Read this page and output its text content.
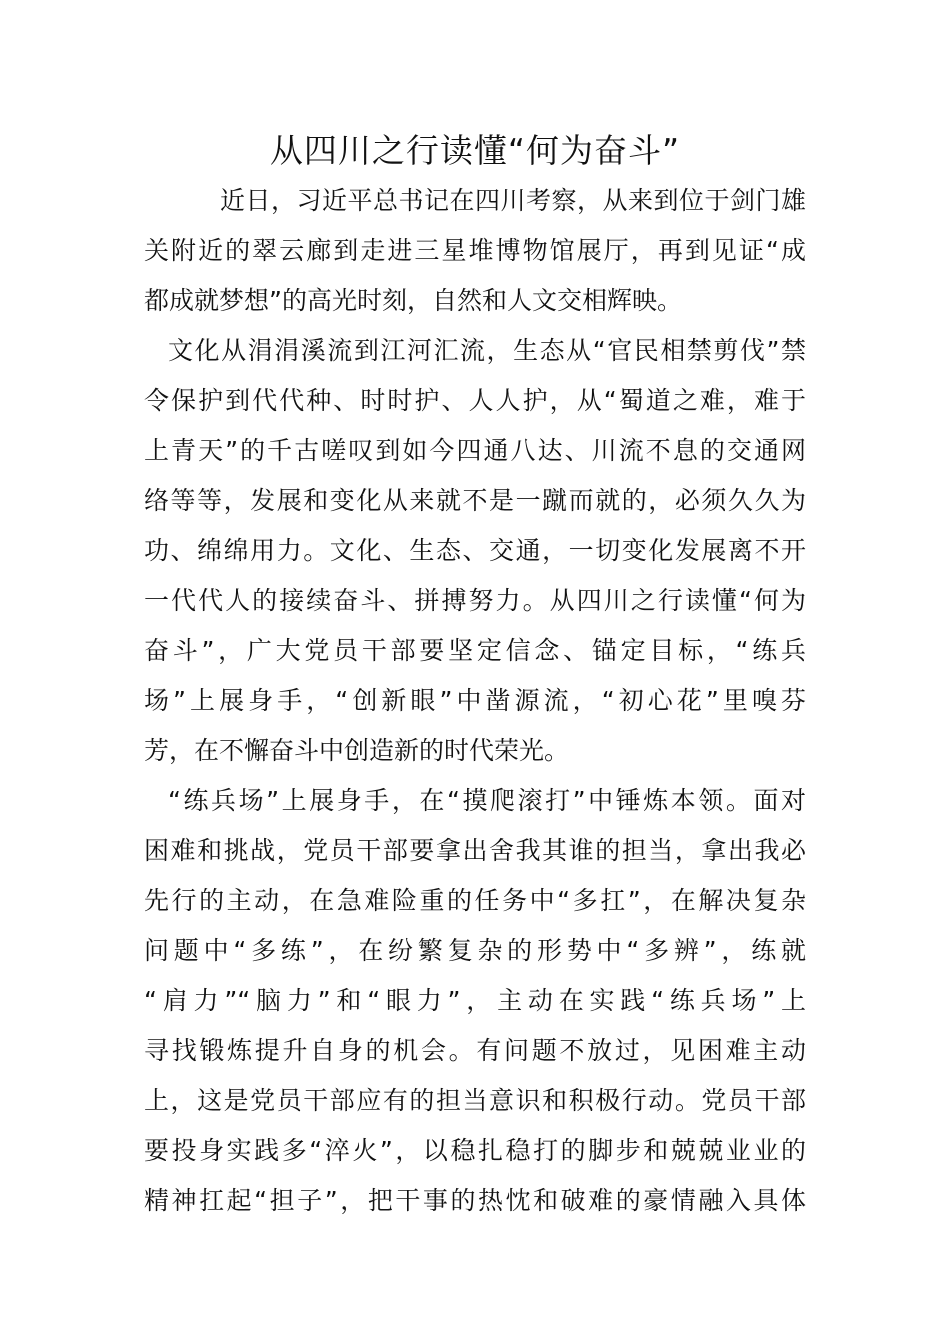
从四川之行读懂“何为奋斗”

近日，习近平总书记在四川考察，从来到位于剑门雄

关附近的翠云廊到走进三星堆博物馆展厅，再到见证“成

都成就梦想”的高光时刻，自然和人文交相辉映。

文化从涓涓溪流到江河汇流，生态从“官民相禁剪伐”禁

令保护到代代种、时时护、人人护，从“蜀道之难，难于

上青天”的千古嗟叹到如今四通八达、川流不息的交通网

络等等，发展和变化从来就不是一蹴而就的，必须久久为

功、绵绵用力。文化、生态、交通，一切变化发展离不开

一代代人的接续奋斗、拼搏努力。从四川之行读懂“何为

奋斗”，广大党员干部要坚定信念、锚定目标，“练兵

场”上展身手，“创新眼”中凿源流，“初心花”里嗅芬

芳，在不懈奋斗中创造新的时代荣光。

“练兵场”上展身手，在“摸爬滚打”中锤炼本领。面对

困难和挑战，党员干部要拿出舍我其谁的担当，拿出我必

先行的主动，在急难险重的任务中“多扛”，在解决复杂

问题中“多练”，在纷繁复杂的形势中“多辨”，练就

“肩力”“脑力”和“眼力”，主动在实践“练兵场”上

寻找锻炼提升自身的机会。有问题不放过，见困难主动

上，这是党员干部应有的担当意识和积极行动。党员干部

要投身实践多“淬火”，以稳扎稳打的脚步和兢兢业业的

精神扛起“担子”，把干事的热忱和破难的豪情融入具体
